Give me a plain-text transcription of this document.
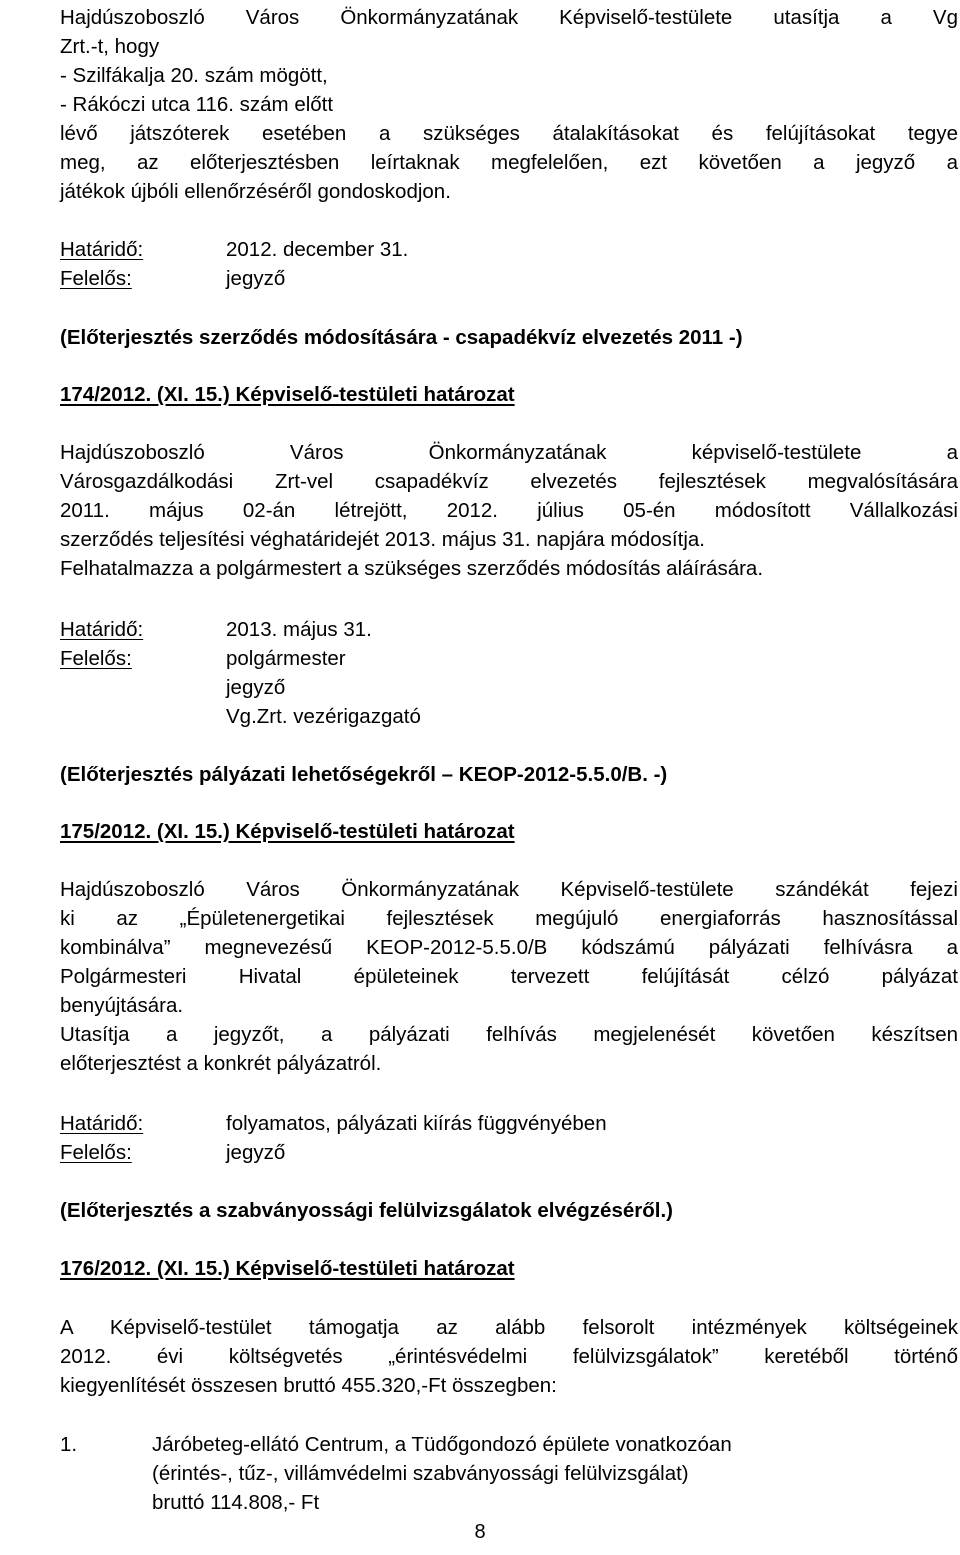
Hajdúszoboszló Város Önkormányzatának Képviselő-testülete utasítja a Vg
Zrt.-t, hogy
- Szilfákalja 20. szám mögött,
- Rákóczi utca 116. szám előtt
lévő játszóterek esetében a szükséges átalakításokat és felújításokat tegye
meg, az előterjesztésben leírtaknak megfelelően, ezt követően a jegyző a
játékok újbóli ellenőrzéséről gondoskodjon.
Határidő:	2012. december 31.
Felelős:	jegyző
(Előterjesztés szerződés módosítására - csapadékvíz elvezetés 2011 -)
174/2012. (XI. 15.) Képviselő-testületi határozat
Hajdúszoboszló Város Önkormányzatának képviselő-testülete a
Városgazdálkodási Zrt-vel csapadékvíz elvezetés fejlesztések megvalósítására
2011. május 02-án létrejött, 2012. július 05-én módosított Vállalkozási
szerződés teljesítési véghatáridejét 2013. május 31. napjára módosítja.
Felhatalmazza a polgármestert a szükséges szerződés módosítás aláírására.
Határidő:	2013. május 31.
Felelős:	polgármester
jegyző
Vg.Zrt. vezérigazgató
(Előterjesztés pályázati lehetőségekről – KEOP-2012-5.5.0/B. -)
175/2012. (XI. 15.) Képviselő-testületi határozat
Hajdúszoboszló Város Önkormányzatának Képviselő-testülete szándékát fejezi
ki az „Épületenergetikai fejlesztések megújuló energiaforrás hasznosítással
kombinálva” megnevezésű KEOP-2012-5.5.0/B kódszámú pályázati felhívásra a
Polgármesteri Hivatal épületeinek tervezett felújítását célzó pályázat
benyújtására.
Utasítja a jegyzőt, a pályázati felhívás megjelenését követően készítsen
előterjesztést a konkrét pályázatról.
Határidő:	folyamatos, pályázati kiírás függvényében
Felelős:	jegyző
(Előterjesztés a szabványossági felülvizsgálatok elvégzéséről.)
176/2012. (XI. 15.) Képviselő-testületi határozat
A Képviselő-testület támogatja az alább felsorolt intézmények költségeinek
2012. évi költségvetés „érintésvédelmi felülvizsgálatok” keretéből történő
kiegyenlítését összesen bruttó 455.320,-Ft összegben:
1.	Járóbeteg-ellátó Centrum, a Tüdőgondozó épülete vonatkozóan
(érintés-, tűz-, villámvédelmi szabványossági felülvizsgálat)
bruttó 114.808,- Ft
8
